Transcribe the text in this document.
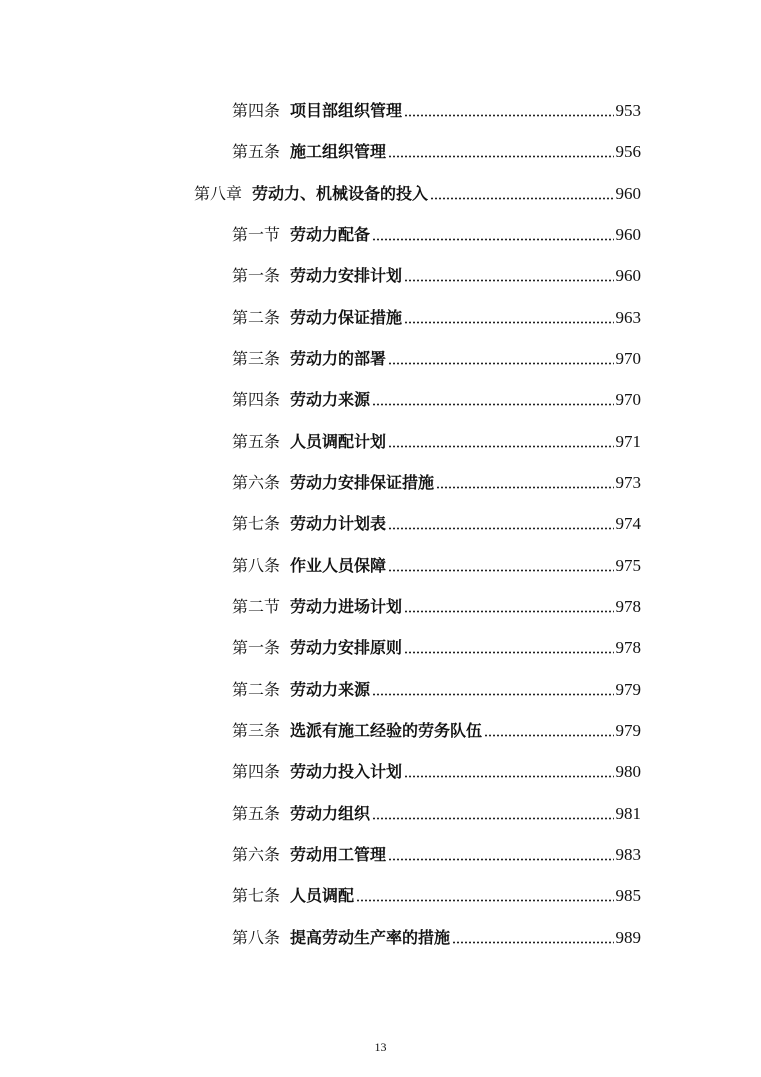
第四条 项目部组织管理	953
第五条 施工组织管理	956
第八章 劳动力、机械设备的投入	960
第一节 劳动力配备	960
第一条 劳动力安排计划	960
第二条 劳动力保证措施	963
第三条 劳动力的部署	970
第四条 劳动力来源	970
第五条 人员调配计划	971
第六条 劳动力安排保证措施	973
第七条 劳动力计划表	974
第八条 作业人员保障	975
第二节 劳动力进场计划	978
第一条 劳动力安排原则	978
第二条 劳动力来源	979
第三条 选派有施工经验的劳务队伍	979
第四条 劳动力投入计划	980
第五条 劳动力组织	981
第六条 劳动用工管理	983
第七条 人员调配	985
第八条 提高劳动生产率的措施	989
13
